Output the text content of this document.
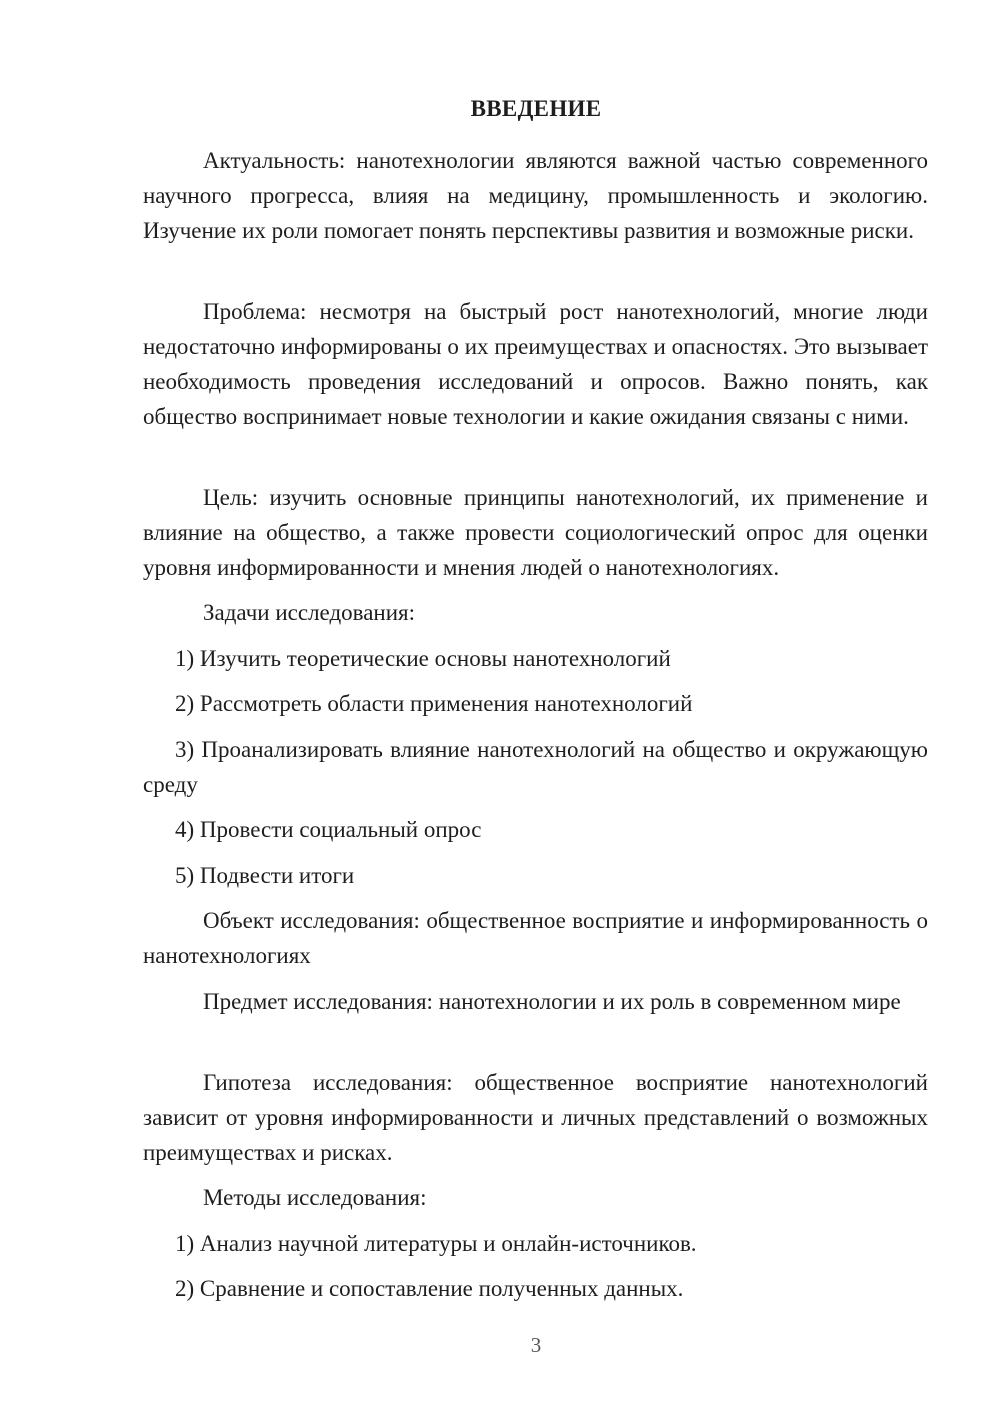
ВВЕДЕНИЕ
Актуальность: нанотехнологии являются важной частью современного научного прогресса, влияя на медицину, промышленность и экологию. Изучение их роли помогает понять перспективы развития и возможные риски.
Проблема: несмотря на быстрый рост нанотехнологий, многие люди недостаточно информированы о их преимуществах и опасностях. Это вызывает необходимость проведения исследований и опросов. Важно понять, как общество воспринимает новые технологии и какие ожидания связаны с ними.
Цель: изучить основные принципы нанотехнологий, их применение и влияние на общество, а также провести социологический опрос для оценки уровня информированности и мнения людей о нанотехнологиях.
Задачи исследования:
1) Изучить теоретические основы нанотехнологий
2) Рассмотреть области применения нанотехнологий
3) Проанализировать влияние нанотехнологий на общество и окружающую среду
4) Провести социальный опрос
5) Подвести итоги
Объект исследования: общественное восприятие и информированность о нанотехнологиях
Предмет исследования: нанотехнологии и их роль в современном мире
Гипотеза исследования: общественное восприятие нанотехнологий зависит от уровня информированности и личных представлений о возможных преимуществах и рисках.
Методы исследования:
1) Анализ научной литературы и онлайн-источников.
2) Сравнение и сопоставление полученных данных.
3
